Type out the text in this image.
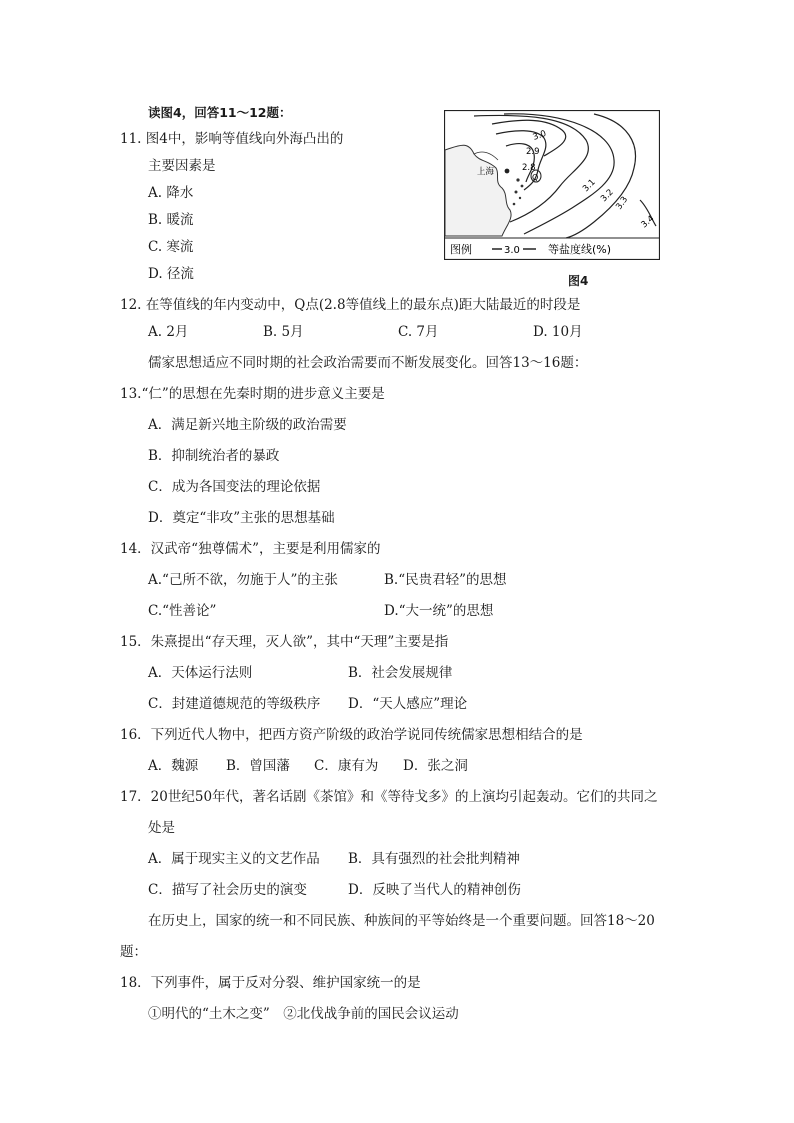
读图4，回答11～12题：
11. 图4中，影响等值线向外海凸出的
主要因素是
A. 降水
B. 暖流
C. 寒流
D. 径流
上海
3.0
2.9
2.8
Q	3.1
3.2
3.3
3.4
图例	3.0	等盐度线(%)
图4
12. 在等值线的年内变动中，Q点(2.8等值线上的最东点)距大陆最近的时段是
A. 2月	B. 5月	C. 7月	D. 10月
儒家思想适应不同时期的社会政治需要而不断发展变化。回答13～16题：
13.“仁”的思想在先秦时期的进步意义主要是
A．满足新兴地主阶级的政治需要
B．抑制统治者的暴政
C．成为各国变法的理论依据
D．奠定“非攻”主张的思想基础
14．汉武帝“独尊儒术”，主要是利用儒家的
A.“己所不欲，勿施于人”的主张	B.“民贵君轻”的思想
C.“性善论”	D.“大一统”的思想
15．朱熹提出“存天理，灭人欲”，其中“天理”主要是指
A．天体运行法则	B．社会发展规律
C．封建道德规范的等级秩序 D．“天人感应”理论
16．下列近代人物中，把西方资产阶级的政治学说同传统儒家思想相结合的是
A．魏源 B．曾国藩 C．康有为 D．张之洞
17．20世纪50年代，著名话剧《茶馆》和《等待戈多》的上演均引起轰动。它们的共同之
处是
A．属于现实主义的文艺作品 B．具有强烈的社会批判精神
C．描写了社会历史的演变	D．反映了当代人的精神创伤
在历史上，国家的统一和不同民族、种族间的平等始终是一个重要问题。回答18～20
题：
18．下列事件，属于反对分裂、维护国家统一的是
①明代的“土木之变”　②北伐战争前的国民会议运动
